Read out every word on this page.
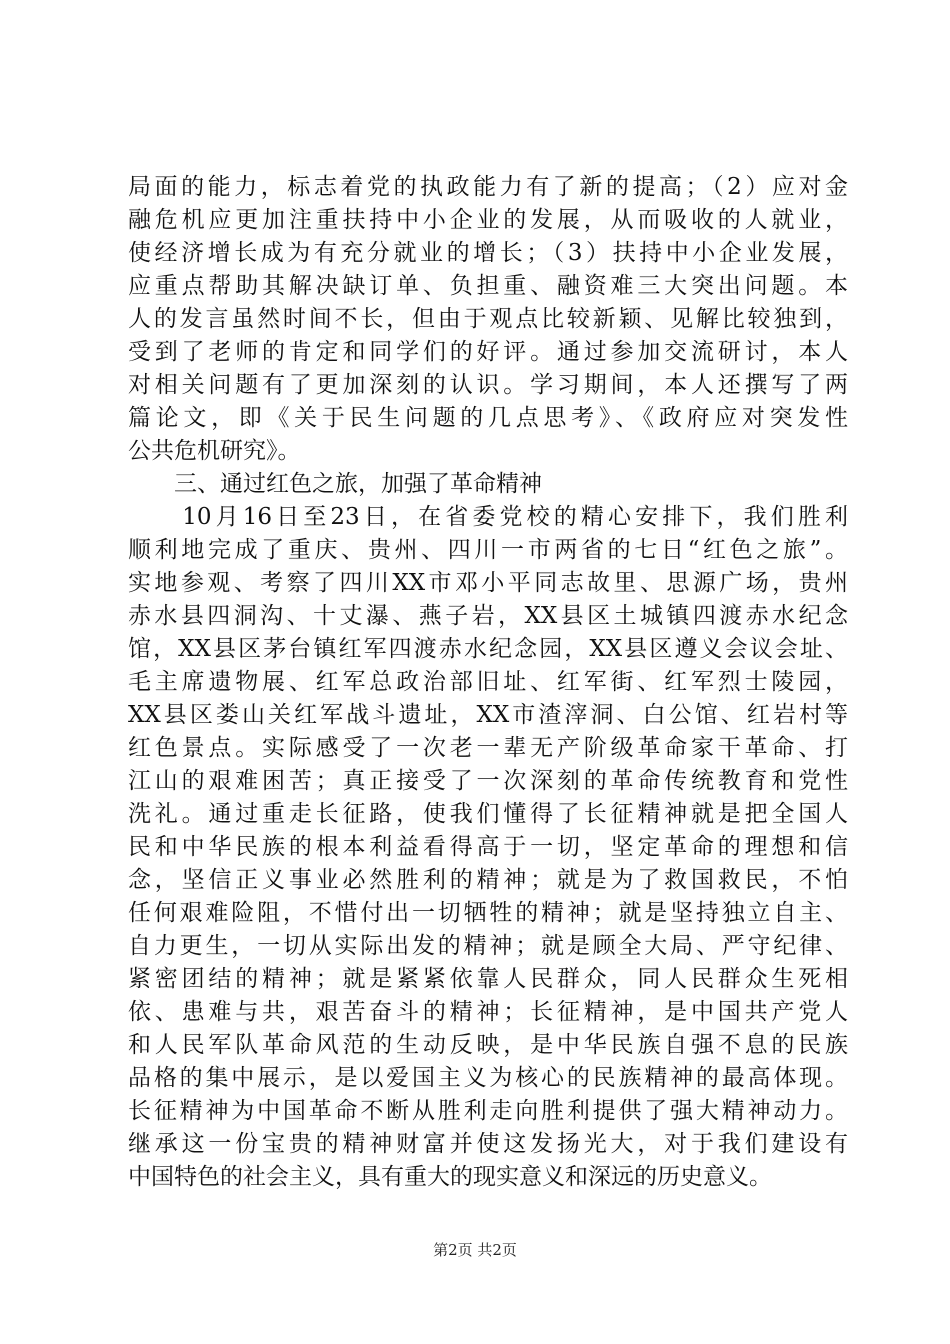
局面的能力，标志着党的执政能力有了新的提高；（2）应对金
融危机应更加注重扶持中小企业的发展，从而吸收的人就业，
使经济增长成为有充分就业的增长；（3）扶持中小企业发展，
应重点帮助其解决缺订单、负担重、融资难三大突出问题。本
人的发言虽然时间不长，但由于观点比较新颖、见解比较独到，
受到了老师的肯定和同学们的好评。通过参加交流研讨，本人
对相关问题有了更加深刻的认识。学习期间，本人还撰写了两
篇论文，即《关于民生问题的几点思考》、《政府应对突发性
公共危机研究》。
　　三、通过红色之旅，加强了革命精神
　　10月16日至23日，在省委党校的精心安排下，我们胜利
顺利地完成了重庆、贵州、四川一市两省的七日“红色之旅”。
实地参观、考察了四川XX市邓小平同志故里、思源广场，贵州
赤水县四洞沟、十丈瀑、燕子岩，XX县区土城镇四渡赤水纪念
馆，XX县区茅台镇红军四渡赤水纪念园，XX县区遵义会议会址、
毛主席遗物展、红军总政治部旧址、红军街、红军烈士陵园，
XX县区娄山关红军战斗遗址，XX市渣滓洞、白公馆、红岩村等
红色景点。实际感受了一次老一辈无产阶级革命家干革命、打
江山的艰难困苦；真正接受了一次深刻的革命传统教育和党性
洗礼。通过重走长征路，使我们懂得了长征精神就是把全国人
民和中华民族的根本利益看得高于一切，坚定革命的理想和信
念，坚信正义事业必然胜利的精神；就是为了救国救民，不怕
任何艰难险阻，不惜付出一切牺牲的精神；就是坚持独立自主、
自力更生，一切从实际出发的精神；就是顾全大局、严守纪律、
紧密团结的精神；就是紧紧依靠人民群众，同人民群众生死相
依、患难与共，艰苦奋斗的精神；长征精神，是中国共产党人
和人民军队革命风范的生动反映，是中华民族自强不息的民族
品格的集中展示，是以爱国主义为核心的民族精神的最高体现。
长征精神为中国革命不断从胜利走向胜利提供了强大精神动力。
继承这一份宝贵的精神财富并使这发扬光大，对于我们建设有
中国特色的社会主义，具有重大的现实意义和深远的历史意义。
第2页 共2页
